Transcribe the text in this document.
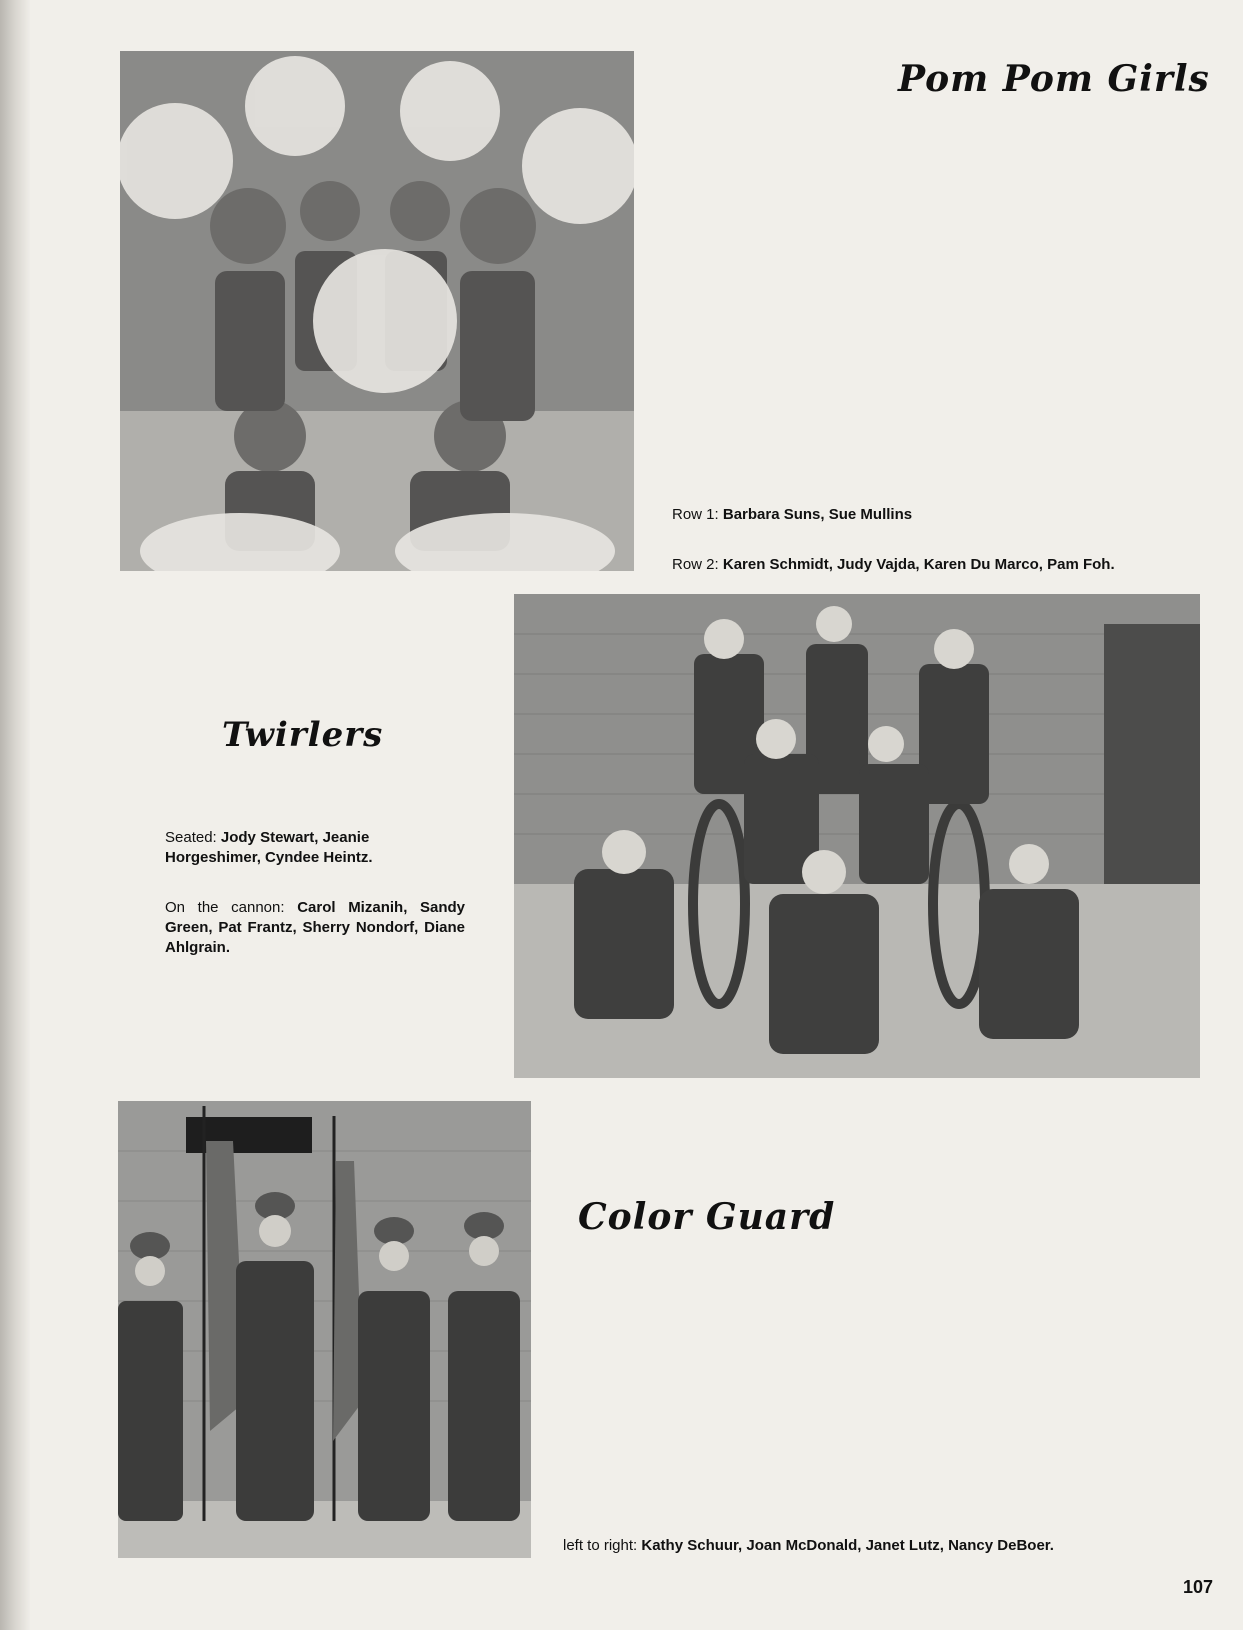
Pom Pom Girls
Row 1: Barbara Suns, Sue Mullins
Row 2: Karen Schmidt, Judy Vajda, Karen Du Marco, Pam Foh.
Twirlers
Seated: Jody Stewart, Jeanie Horgeshimer, Cyndee Heintz.
On the cannon: Carol Mizanih, Sandy Green, Pat Frantz, Sherry Nondorf, Diane Ahlgrain.
Color Guard
left to right: Kathy Schuur, Joan McDonald, Janet Lutz, Nancy DeBoer.
107
